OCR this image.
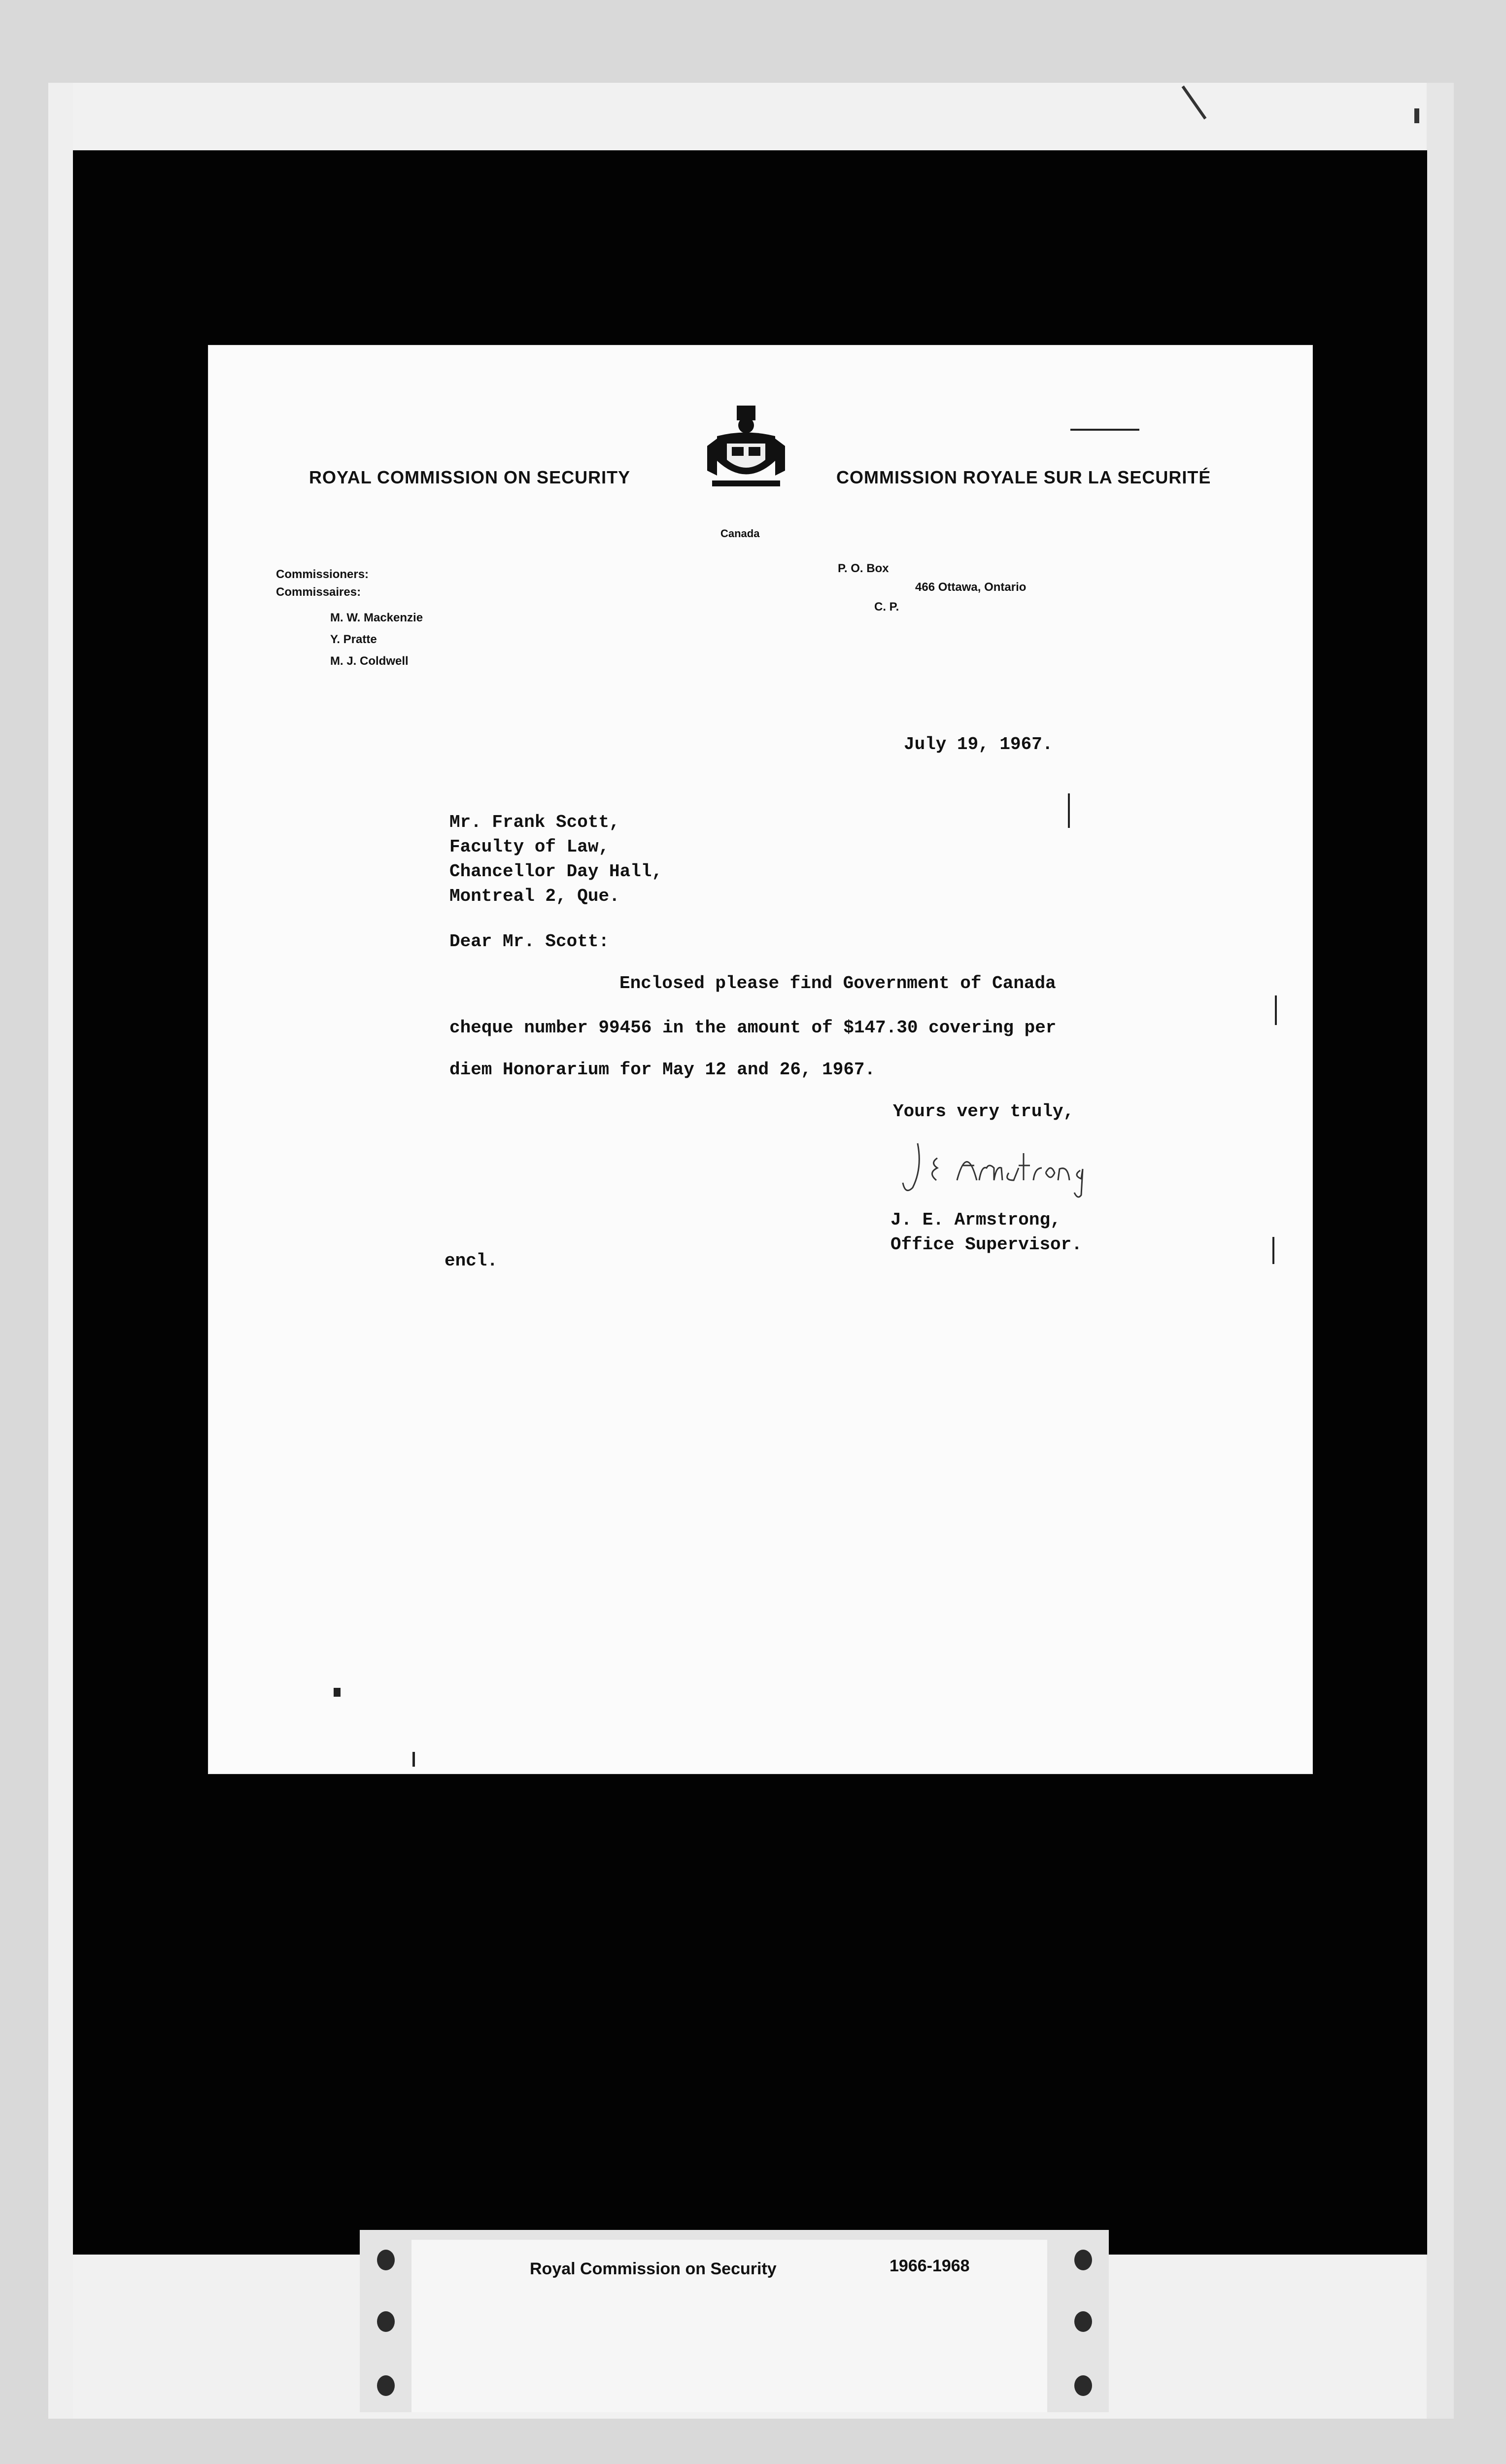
ROYAL COMMISSION ON SECURITY	COMMISSION ROYALE SUR LA SECURITÉ
Canada
Commissioners:
Commissaires:
M. W. Mackenzie
Y. Pratte
M. J. Coldwell
P. O. Box
466 Ottawa, Ontario
C. P.
July 19, 1967.
Mr. Frank Scott,
Faculty of Law,
Chancellor Day Hall,
Montreal 2, Que.
Dear Mr. Scott:
Enclosed please find Government of Canada
cheque number 99456 in the amount of $147.30 covering per
diem Honorarium for May 12 and 26, 1967.
Yours very truly,
J. E. Armstrong,
Office Supervisor.
encl.
Royal Commission on Security	1966-1968
